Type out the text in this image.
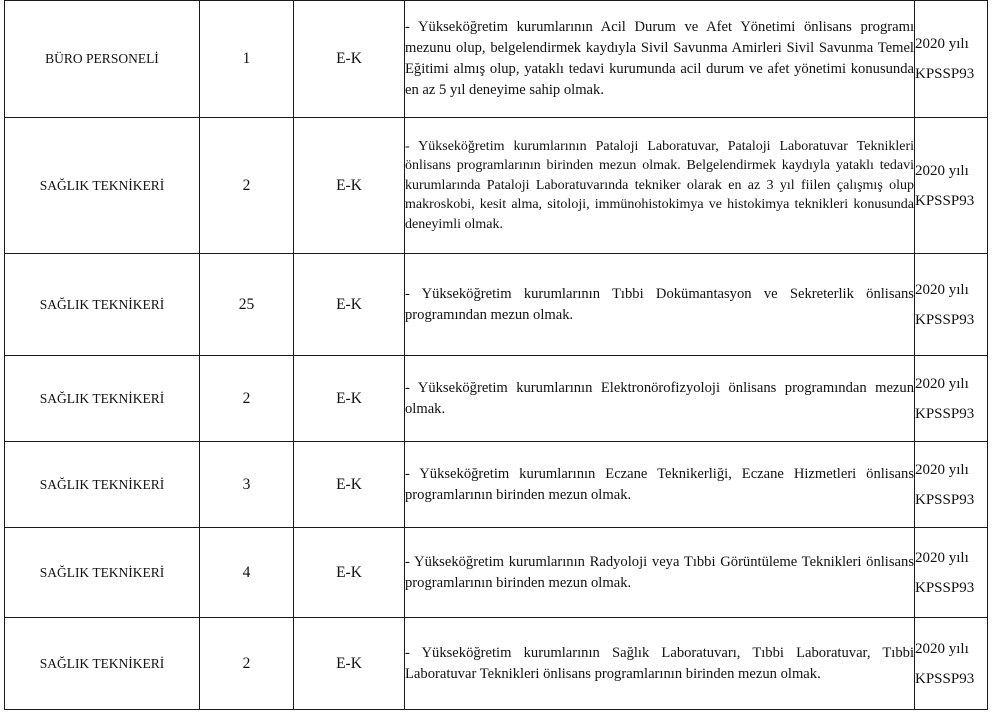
BÜRO PERSONELİ	1	E-K	- Yükseköğretim kurumlarının Acil Durum ve Afet Yönetimi önlisans programı mezunu olup, belgelendirmek kaydıyla Sivil Savunma Amirleri Sivil Savunma Temel Eğitimi almış olup, yataklı tedavi kurumunda acil durum ve afet yönetimi konusunda en az 5 yıl deneyime sahip olmak.	2020 yılı
KPSSP93

SAĞLIK TEKNİKERİ	2	E-K	- Yükseköğretim kurumlarının Pataloji Laboratuvar, Pataloji Laboratuvar Teknikleri önlisans programlarının birinden mezun olmak. Belgelendirmek kaydıyla yataklı tedavi kurumlarında Pataloji Laboratuvarında tekniker olarak en az 3 yıl fiilen çalışmış olup makroskobi, kesit alma, sitoloji, immünohistokimya ve histokimya teknikleri konusunda deneyimli olmak.	2020 yılı
KPSSP93

SAĞLIK TEKNİKERİ	25	E-K	- Yükseköğretim kurumlarının Tıbbi Dokümantasyon ve Sekreterlik önlisans programından mezun olmak.	2020 yılı
KPSSP93

SAĞLIK TEKNİKERİ	2	E-K	- Yükseköğretim kurumlarının Elektronörofizyoloji önlisans programından mezun olmak.	2020 yılı
KPSSP93

SAĞLIK TEKNİKERİ	3	E-K	- Yükseköğretim kurumlarının Eczane Teknikerliği, Eczane Hizmetleri önlisans programlarının birinden mezun olmak.	2020 yılı
KPSSP93

SAĞLIK TEKNİKERİ	4	E-K	- Yükseköğretim kurumlarının Radyoloji veya Tıbbi Görüntüleme Teknikleri önlisans programlarının birinden mezun olmak.	2020 yılı
KPSSP93

SAĞLIK TEKNİKERİ	2	E-K	- Yükseköğretim kurumlarının Sağlık Laboratuvarı, Tıbbi Laboratuvar, Tıbbi Laboratuvar Teknikleri önlisans programlarının birinden mezun olmak.	2020 yılı
KPSSP93
